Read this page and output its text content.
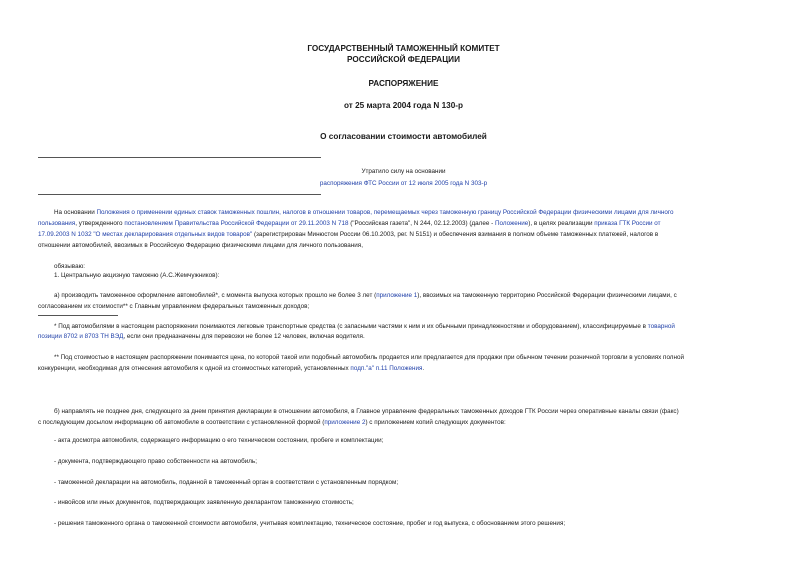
ГОСУДАРСТВЕННЫЙ ТАМОЖЕННЫЙ КОМИТЕТ
РОССИЙСКОЙ ФЕДЕРАЦИИ
РАСПОРЯЖЕНИЕ
от 25 марта 2004 года N 130-р
О согласовании стоимости автомобилей
Утратило силу на основании
распоряжения ФТС России от 12 июля 2005 года N 303-р
На основании Положения о применении единых ставок таможенных пошлин, налогов в отношении товаров, перемещаемых через таможенную границу Российской Федерации физическими лицами для личного
пользования, утвержденного постановлением Правительства Российской Федерации от 29.11.2003 N 718 ("Российская газета", N 244, 02.12.2003) (далее - Положение), в целях реализации приказа ГТК России от
17.09.2003 N 1032 "О местах декларирования отдельных видов товаров" (зарегистрирован Минюстом России 06.10.2003, рег. N 5151) и обеспечения взимания в полном объеме таможенных платежей, налогов в
отношении автомобилей, ввозимых в Российскую Федерацию физическими лицами для личного пользования,
обязываю:
1. Центральную акцизную таможню (А.С.Жемчужников):
а) производить таможенное оформление автомобилей*, с момента выпуска которых прошло не более 3 лет (приложение 1), ввозимых на таможенную территорию Российской Федерации физическими лицами, с
согласованием их стоимости** с Главным управлением федеральных таможенных доходов;
* Под автомобилями в настоящем распоряжении понимаются легковые транспортные средства (с запасными частями к ним и их обычными принадлежностями и оборудованием), классифицируемые в товарной
позиции 8702 и 8703 ТН ВЭД, если они предназначены для перевозки не более 12 человек, включая водителя.
** Под стоимостью в настоящем распоряжении понимается цена, по которой такой или подобный автомобиль продается или предлагается для продажи при обычном течении розничной торговли в условиях полной
конкуренции, необходимая для отнесения автомобиля к одной из стоимостных категорий, установленных подп."а" п.11 Положения.
б) направлять не позднее дня, следующего за днем принятия декларации в отношении автомобиля, в Главное управление федеральных таможенных доходов ГТК России через оперативные каналы связи (факс)
с последующим досылом информацию об автомобиле в соответствии с установленной формой (приложение 2) с приложением копий следующих документов:
- акта досмотра автомобиля, содержащего информацию о его техническом состоянии, пробеге и комплектации;
- документа, подтверждающего право собственности на автомобиль;
- таможенной декларации на автомобиль, поданной в таможенный орган в соответствии с установленным порядком;
- инвойсов или иных документов, подтверждающих заявленную декларантом таможенную стоимость;
- решения таможенного органа о таможенной стоимости автомобиля, учитывая комплектацию, техническое состояние, пробег и год выпуска, с обоснованием этого решения;
